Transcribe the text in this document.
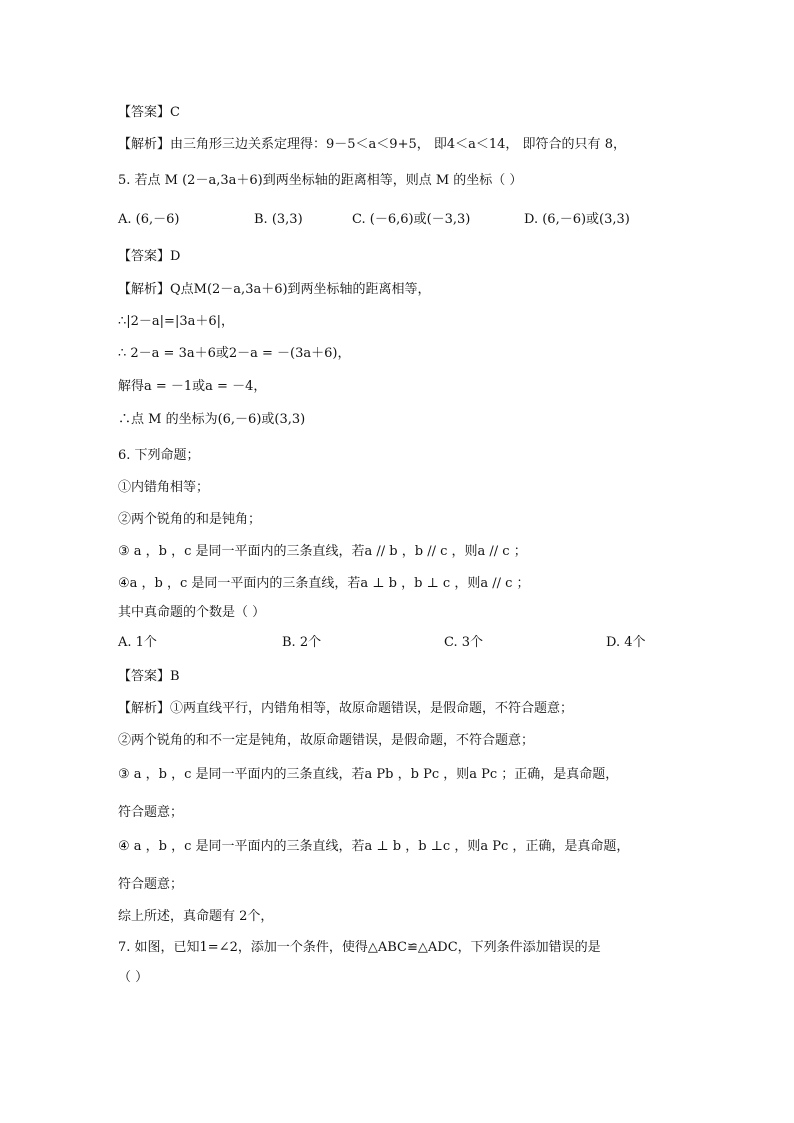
【答案】C
【解析】由三角形三边关系定理得：9－5＜a＜9+5， 即4＜a＜14， 即符合的只有 8，
5. 若点 M (2－a,3a＋6)到两坐标轴的距离相等，则点 M 的坐标（ ）
【答案】D
【解析】Q点M(2－a,3a＋6)到两坐标轴的距离相等，
∴|2－a|=|3a＋6|，
∴ 2－a = 3a＋6或2－a = －(3a＋6)，
解得a = －1或a = －4，
∴点 M 的坐标为(6,－6)或(3,3)
6. 下列命题；
①内错角相等；
②两个锐角的和是钝角；
③ a ，b ，c 是同一平面内的三条直线，若a // b ，b // c ，则a // c ；
④a ，b ，c 是同一平面内的三条直线，若a ⊥ b ，b ⊥ c ，则a // c ；
其中真命题的个数是（ ）
【答案】B
【解析】①两直线平行，内错角相等，故原命题错误，是假命题，不符合题意；
②两个锐角的和不一定是钝角，故原命题错误，是假命题，不符合题意；
③ a ，b ，c 是同一平面内的三条直线，若a Pb ，b Pc ，则a Pc ；正确，是真命题，
符合题意；
④ a ，b ，c 是同一平面内的三条直线，若a ⊥ b ，b ⊥c ，则a Pc ，正确，是真命题，
符合题意；
综上所述，真命题有 2个，
7. 如图，已知1=∠2，添加一个条件，使得△ABC≌△ADC，下列条件添加错误的是
（ ）
A. (6,－6)	B. (3,3)	C. (－6,6)或(－3,3)	D. (6,－6)或(3,3)
A. 1个	B. 2个	C. 3个	D. 4个
